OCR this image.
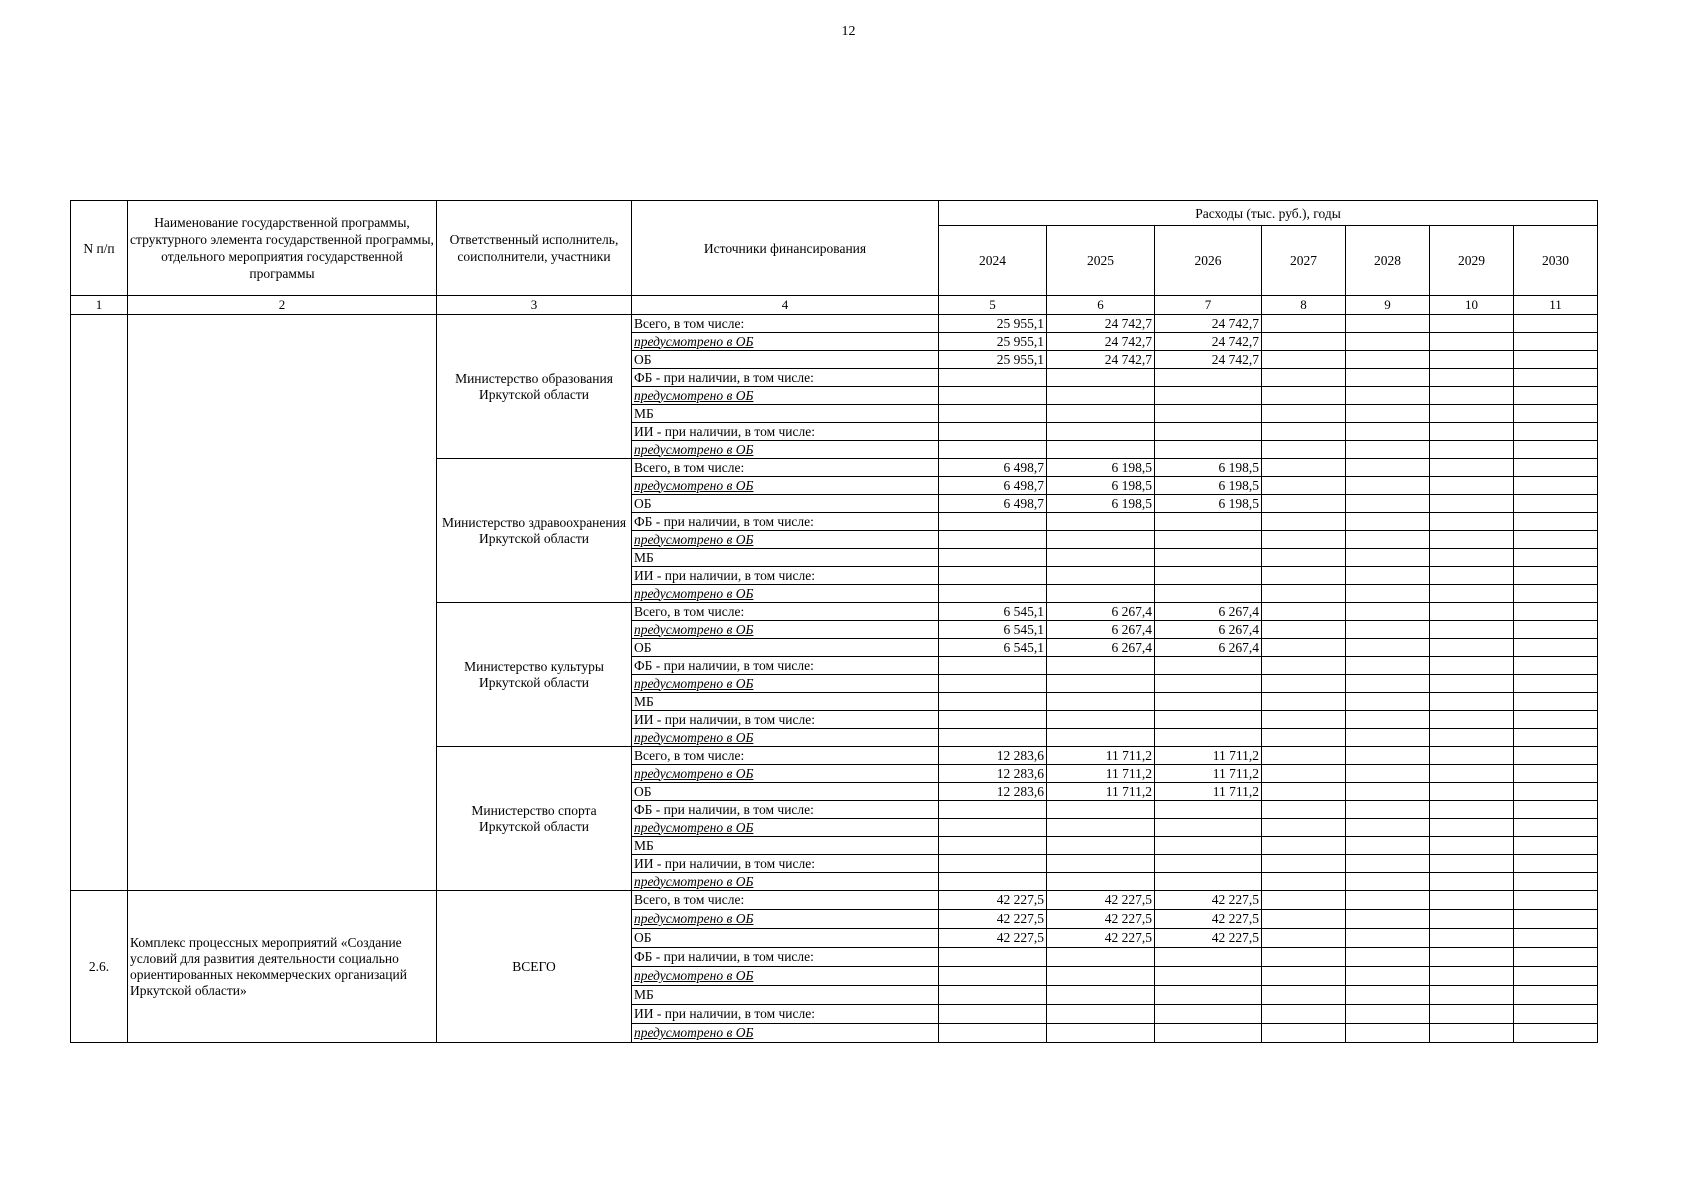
12
N п/п	Наименование государственной программы, структурного элемента государственной программы, отдельного мероприятия государственной программы	Ответственный исполнитель, соисполнители, участники	Источники финансирования	Расходы (тыс. руб.), годы						
				2024	2025	2026	2027	2028	2029	2030
1	2	3	4	5	6	7	8	9	10	11
		Министерство образования Иркутской области	Всего, в том числе:	25 955,1	24 742,7	24 742,7				
			предусмотрено в ОБ	25 955,1	24 742,7	24 742,7				
			ОБ	25 955,1	24 742,7	24 742,7				
			ФБ - при наличии, в том числе:							
			предусмотрено в ОБ							
			МБ							
			ИИ - при наличии, в том числе:							
			предусмотрено в ОБ							
		Министерство здравоохранения Иркутской области	Всего, в том числе:	6 498,7	6 198,5	6 198,5				
			предусмотрено в ОБ	6 498,7	6 198,5	6 198,5				
			ОБ	6 498,7	6 198,5	6 198,5				
			ФБ - при наличии, в том числе:							
			предусмотрено в ОБ							
			МБ							
			ИИ - при наличии, в том числе:							
			предусмотрено в ОБ							
		Министерство культуры Иркутской области	Всего, в том числе:	6 545,1	6 267,4	6 267,4				
			предусмотрено в ОБ	6 545,1	6 267,4	6 267,4				
			ОБ	6 545,1	6 267,4	6 267,4				
			ФБ - при наличии, в том числе:							
			предусмотрено в ОБ							
			МБ							
			ИИ - при наличии, в том числе:							
			предусмотрено в ОБ							
		Министерство спорта Иркутской области	Всего, в том числе:	12 283,6	11 711,2	11 711,2				
			предусмотрено в ОБ	12 283,6	11 711,2	11 711,2				
			ОБ	12 283,6	11 711,2	11 711,2				
			ФБ - при наличии, в том числе:							
			предусмотрено в ОБ							
			МБ							
			ИИ - при наличии, в том числе:							
			предусмотрено в ОБ							
2.6.	Комплекс процессных мероприятий «Создание условий для развития деятельности социально ориентированных некоммерческих организаций Иркутской области»	ВСЕГО	Всего, в том числе:	42 227,5	42 227,5	42 227,5				
			предусмотрено в ОБ	42 227,5	42 227,5	42 227,5				
			ОБ	42 227,5	42 227,5	42 227,5				
			ФБ - при наличии, в том числе:							
			предусмотрено в ОБ							
			МБ							
			ИИ - при наличии, в том числе:							
			предусмотрено в ОБ							
